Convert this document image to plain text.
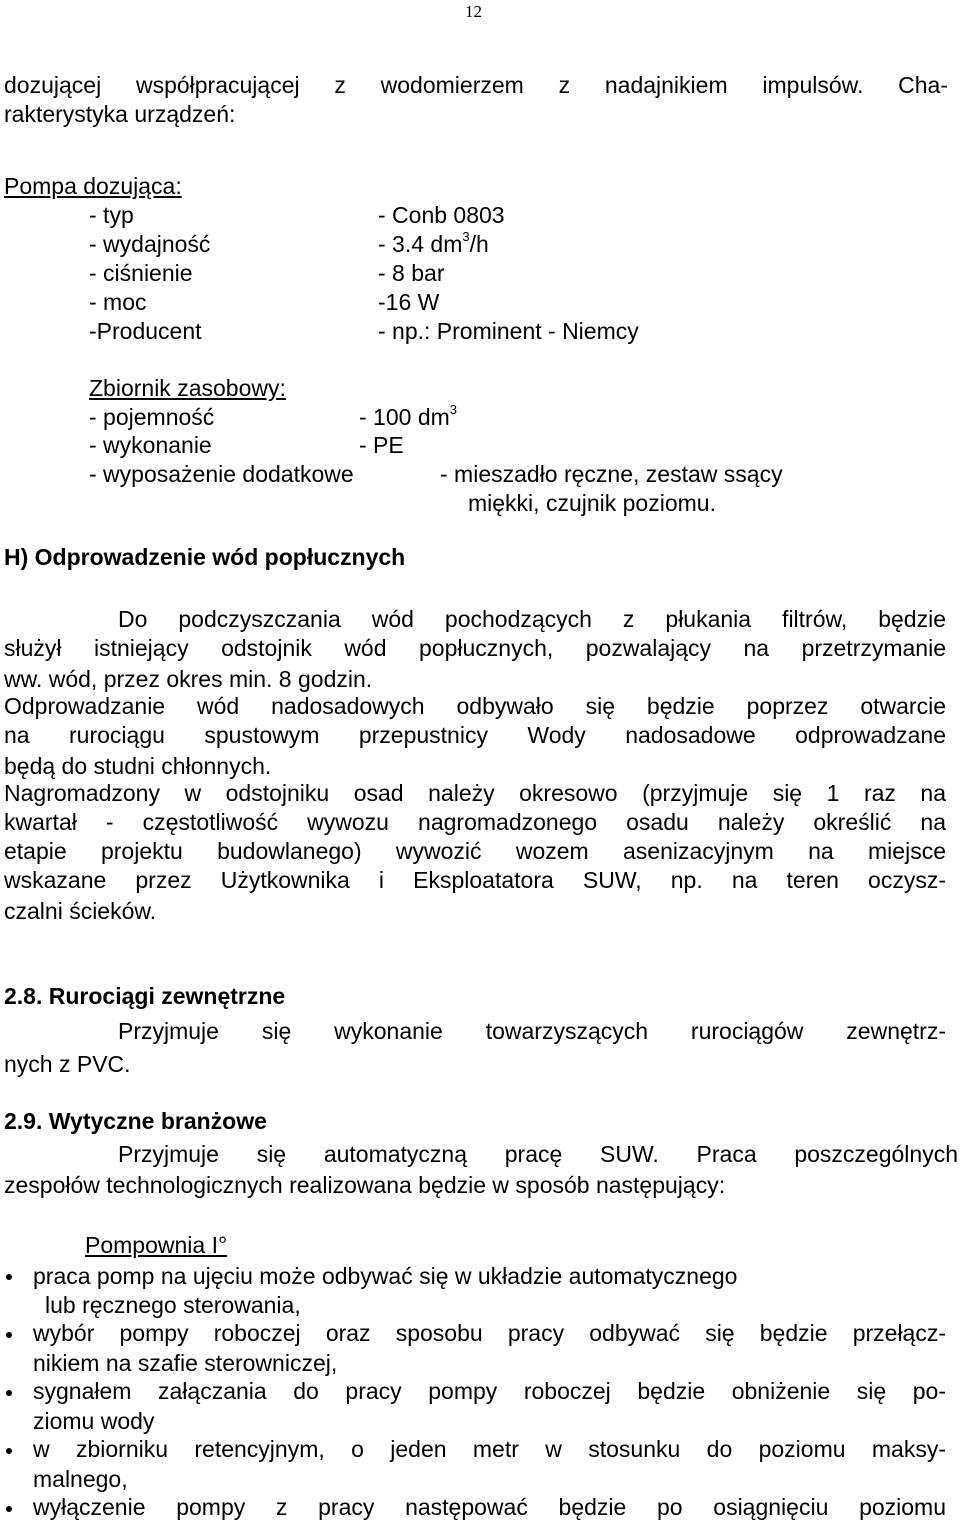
12
dozującej współpracującej z wodomierzem z nadajnikiem impulsów. Cha-
rakterystyka urządzeń:
Pompa dozująca:
- typ	- Conb 0803
- wydajność	- 3.4 $dm^3/h$
- ciśnienie	- 8 bar
- moc	-16 W
-Producent	- np.: Prominent - Niemcy
Zbiornik zasobowy:
- pojemność	- 100 $dm^3$
- wykonanie	- PE
- wyposażenie dodatkowe	- mieszadło ręczne, zestaw ssący
miękki, czujnik poziomu.
H) Odprowadzenie wód popłucznych
Do podczyszczania wód pochodzących z płukania filtrów, będzie
służył istniejący odstojnik wód popłucznych, pozwalający na przetrzymanie
ww. wód, przez okres min. 8 godzin.
Odprowadzanie wód nadosadowych odbywało się będzie poprzez otwarcie
na rurociągu spustowym przepustnicy Wody nadosadowe odprowadzane
będą do studni chłonnych.
Nagromadzony w odstojniku osad należy okresowo (przyjmuje się 1 raz na
kwartał - częstotliwość wywozu nagromadzonego osadu należy określić na
etapie projektu budowlanego) wywozić wozem asenizacyjnym na miejsce
wskazane przez Użytkownika i Eksploatatora SUW, np. na teren oczysz-
czalni ścieków.
2.8. Rurociągi zewnętrzne
Przyjmuje się wykonanie towarzyszących rurociągów zewnętrz-
nych z PVC.
2.9. Wytyczne branżowe
Przyjmuje się automatyczną pracę SUW. Praca poszczególnych
zespołów technologicznych realizowana będzie w sposób następujący:
Pompownia I°
praca pomp na ujęciu może odbywać się w układzie automatycznego
lub ręcznego sterowania,
wybór pompy roboczej oraz sposobu pracy odbywać się będzie przełącz-
nikiem na szafie sterowniczej,
sygnałem załączania do pracy pompy roboczej będzie obniżenie się po-
ziomu wody
w zbiorniku retencyjnym, o jeden metr w stosunku do poziomu maksy-
malnego,
wyłączenie pompy z pracy następować będzie po osiągnięciu poziomu
